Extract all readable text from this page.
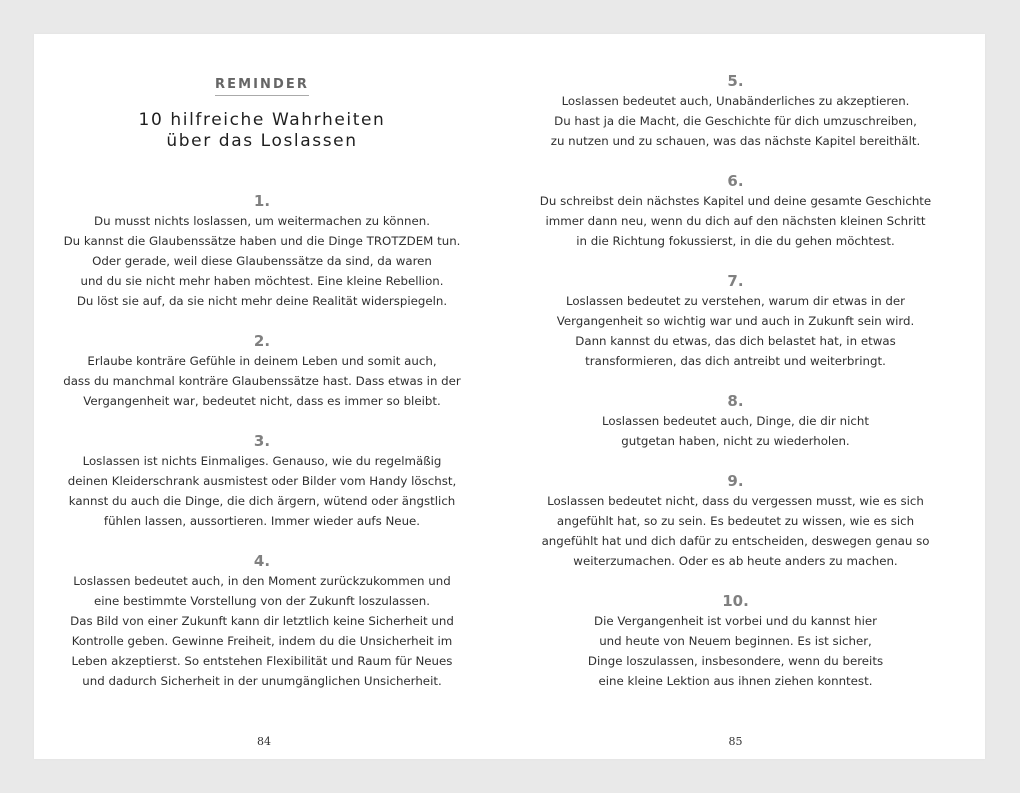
REMINDER
10 hilfreiche Wahrheiten
über das Loslassen
1.
Du musst nichts loslassen, um weitermachen zu können.
Du kannst die Glaubenssätze haben und die Dinge TROTZDEM tun.
Oder gerade, weil diese Glaubenssätze da sind, da waren
und du sie nicht mehr haben möchtest. Eine kleine Rebellion.
Du löst sie auf, da sie nicht mehr deine Realität widerspiegeln.
2.
Erlaube konträre Gefühle in deinem Leben und somit auch,
dass du manchmal konträre Glaubenssätze hast. Dass etwas in der
Vergangenheit war, bedeutet nicht, dass es immer so bleibt.
3.
Loslassen ist nichts Einmaliges. Genauso, wie du regelmäßig
deinen Kleiderschrank ausmistest oder Bilder vom Handy löschst,
kannst du auch die Dinge, die dich ärgern, wütend oder ängstlich
fühlen lassen, aussortieren. Immer wieder aufs Neue.
4.
Loslassen bedeutet auch, in den Moment zurückzukommen und
eine bestimmte Vorstellung von der Zukunft loszulassen.
Das Bild von einer Zukunft kann dir letztlich keine Sicherheit und
Kontrolle geben. Gewinne Freiheit, indem du die Unsicherheit im
Leben akzeptierst. So entstehen Flexibilität und Raum für Neues
und dadurch Sicherheit in der unumgänglichen Unsicherheit.
84
5.
Loslassen bedeutet auch, Unabänderliches zu akzeptieren.
Du hast ja die Macht, die Geschichte für dich umzuschreiben,
zu nutzen und zu schauen, was das nächste Kapitel bereithält.
6.
Du schreibst dein nächstes Kapitel und deine gesamte Geschichte
immer dann neu, wenn du dich auf den nächsten kleinen Schritt
in die Richtung fokussierst, in die du gehen möchtest.
7.
Loslassen bedeutet zu verstehen, warum dir etwas in der
Vergangenheit so wichtig war und auch in Zukunft sein wird.
Dann kannst du etwas, das dich belastet hat, in etwas
transformieren, das dich antreibt und weiterbringt.
8.
Loslassen bedeutet auch, Dinge, die dir nicht
gutgetan haben, nicht zu wiederholen.
9.
Loslassen bedeutet nicht, dass du vergessen musst, wie es sich
angefühlt hat, so zu sein. Es bedeutet zu wissen, wie es sich
angefühlt hat und dich dafür zu entscheiden, deswegen genau so
weiterzumachen. Oder es ab heute anders zu machen.
10.
Die Vergangenheit ist vorbei und du kannst hier
und heute von Neuem beginnen. Es ist sicher,
Dinge loszulassen, insbesondere, wenn du bereits
eine kleine Lektion aus ihnen ziehen konntest.
85
